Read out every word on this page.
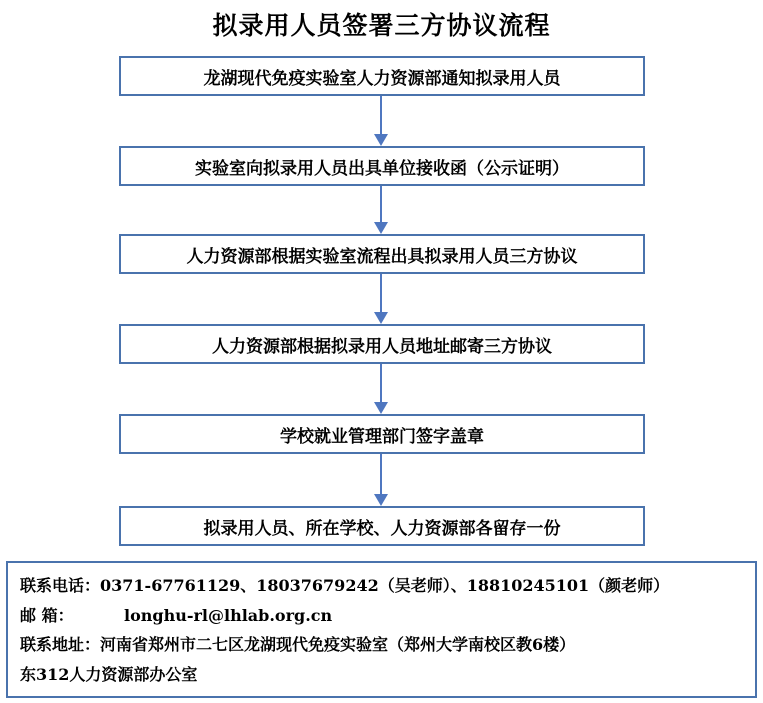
拟录用人员签署三方协议流程
龙湖现代免疫实验室人力资源部通知拟录用人员
实验室向拟录用人员出具单位接收函（公示证明）
人力资源部根据实验室流程出具拟录用人员三方协议
人力资源部根据拟录用人员地址邮寄三方协议
学校就业管理部门签字盖章
拟录用人员、所在学校、人力资源部各留存一份
联系电话：0371-67761129、18037679242（吴老师）、18810245101（颜老师）
邮 箱：	longhu-rl@lhlab.org.cn
联系地址：河南省郑州市二七区龙湖现代免疫实验室（郑州大学南校区教6楼）
东312人力资源部办公室
